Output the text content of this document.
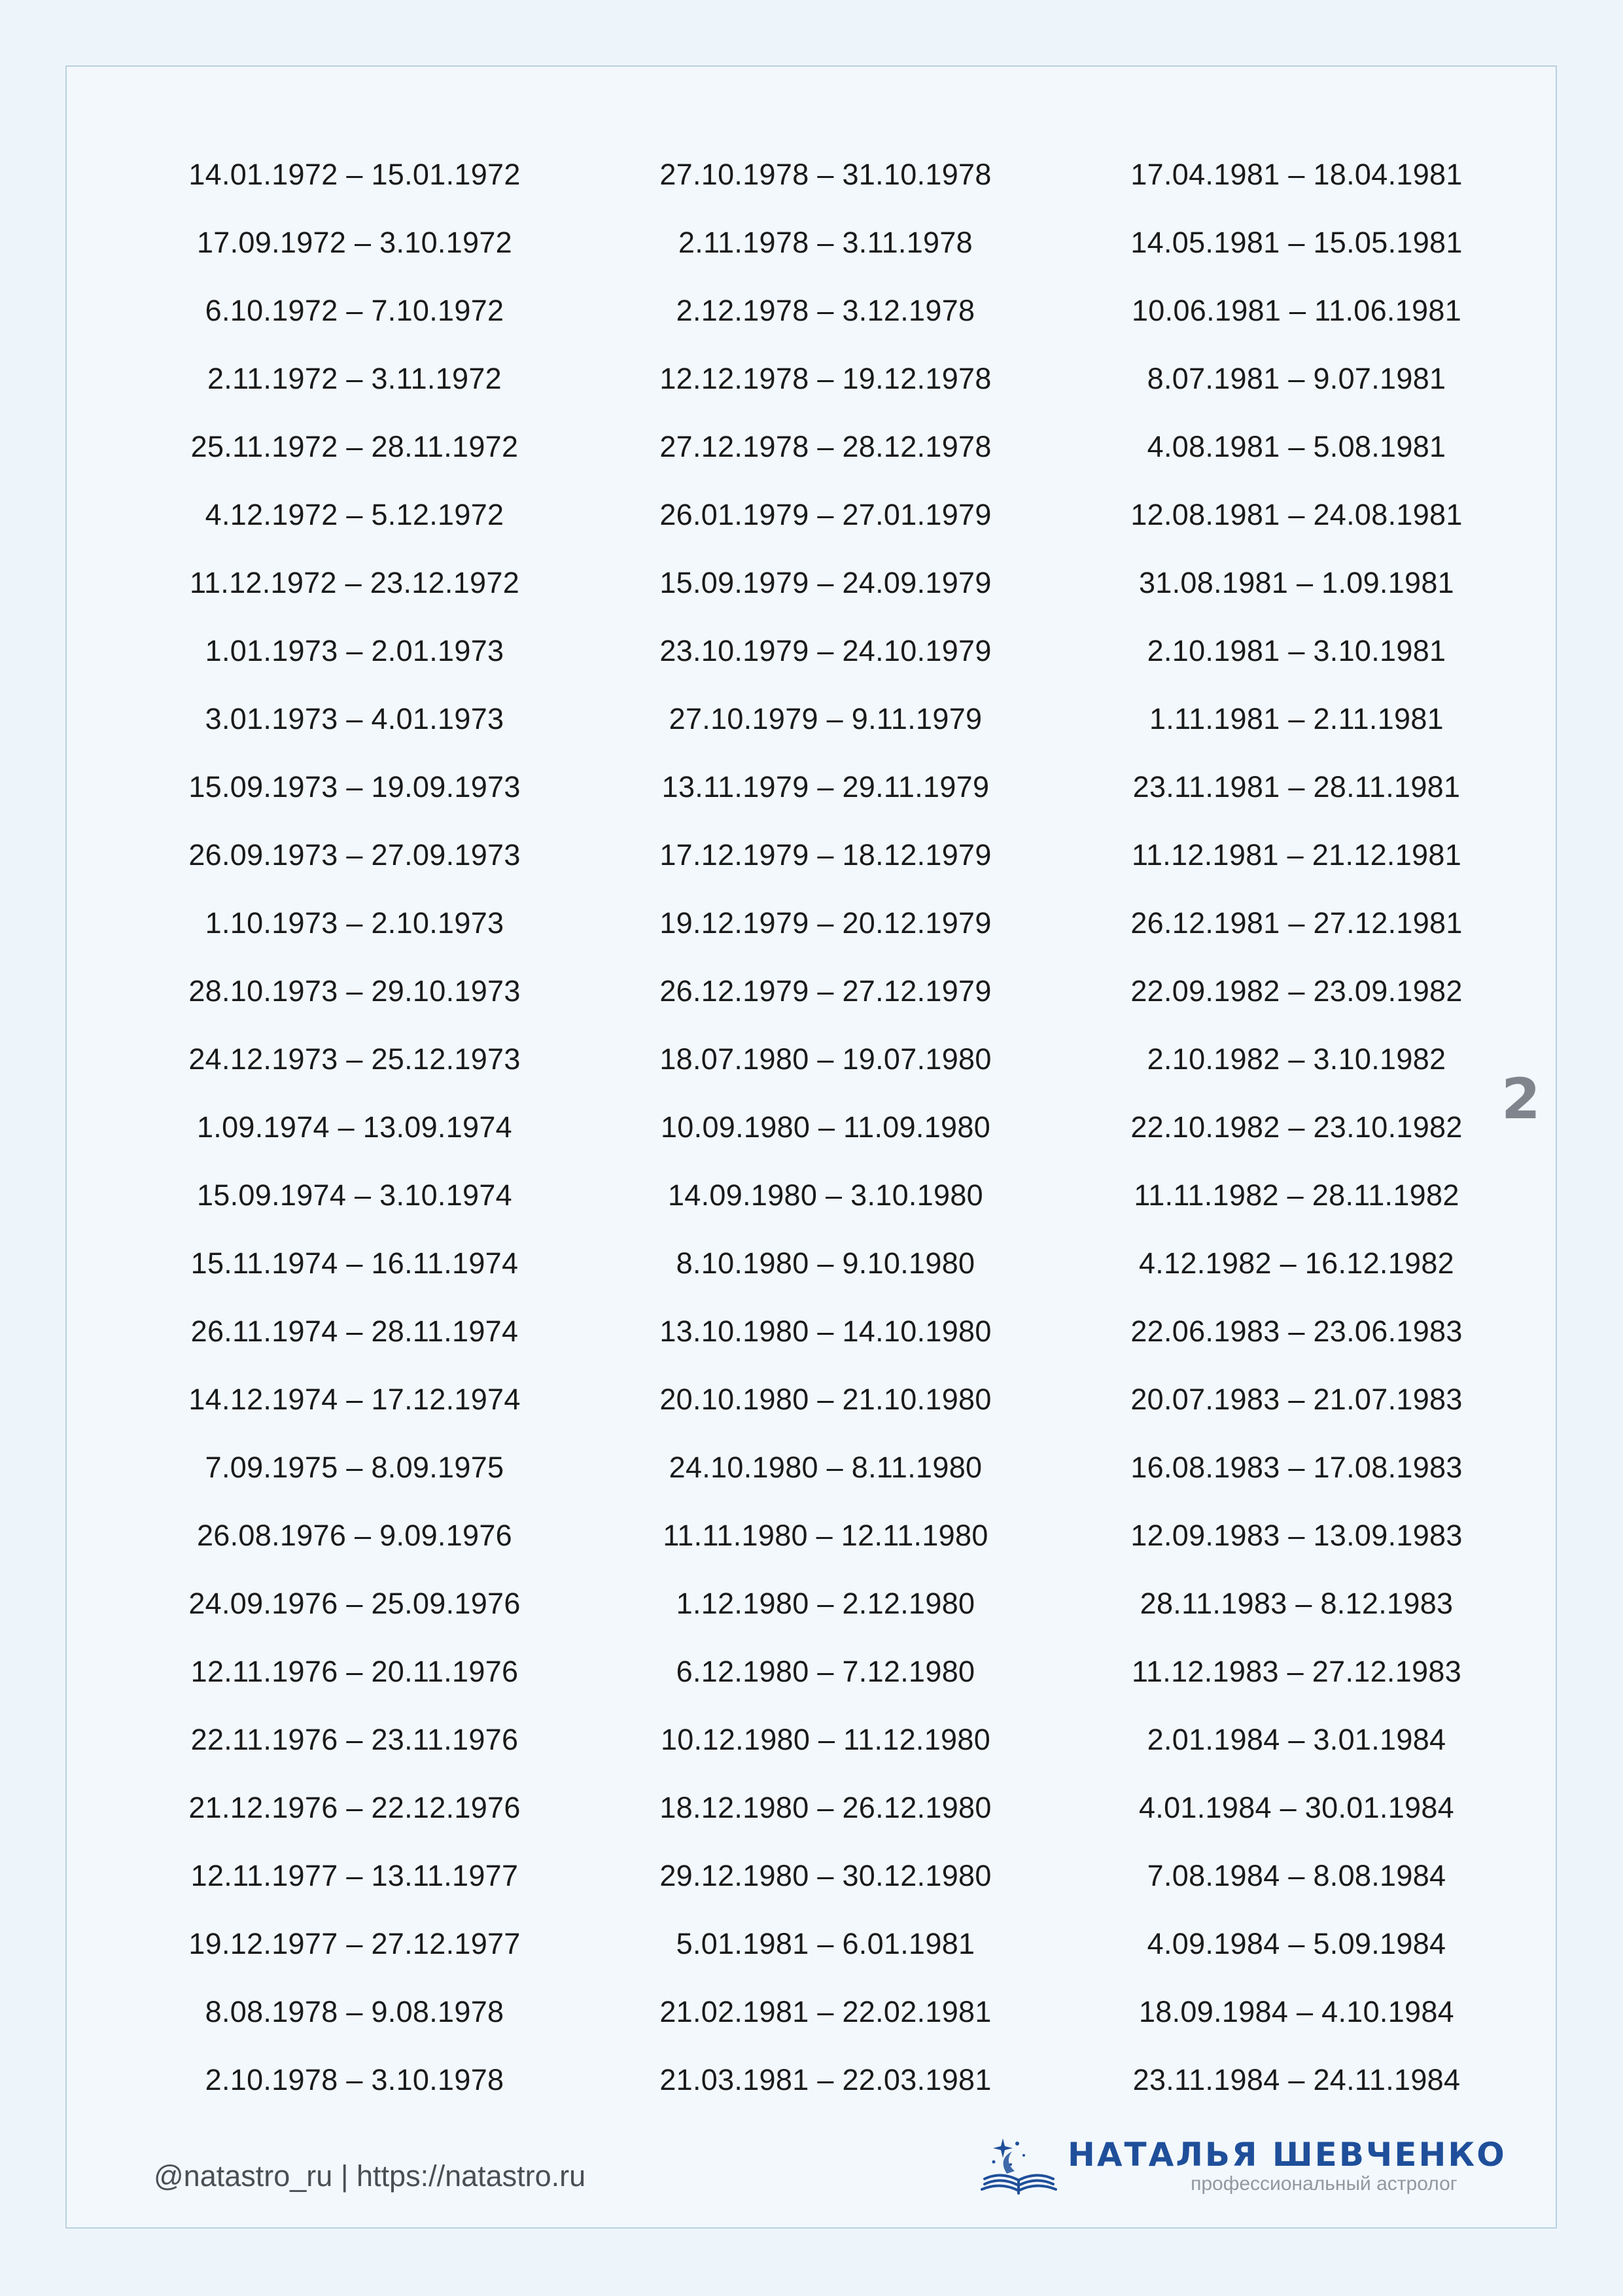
14.01.1972 – 15.01.1972
17.09.1972 – 3.10.1972
6.10.1972 – 7.10.1972
2.11.1972 – 3.11.1972
25.11.1972 – 28.11.1972
4.12.1972 – 5.12.1972
11.12.1972 – 23.12.1972
1.01.1973 – 2.01.1973
3.01.1973 – 4.01.1973
15.09.1973 – 19.09.1973
26.09.1973 – 27.09.1973
1.10.1973 – 2.10.1973
28.10.1973 – 29.10.1973
24.12.1973 – 25.12.1973
1.09.1974 – 13.09.1974
15.09.1974 – 3.10.1974
15.11.1974 – 16.11.1974
26.11.1974 – 28.11.1974
14.12.1974 – 17.12.1974
7.09.1975 – 8.09.1975
26.08.1976 – 9.09.1976
24.09.1976 – 25.09.1976
12.11.1976 – 20.11.1976
22.11.1976 – 23.11.1976
21.12.1976 – 22.12.1976
12.11.1977 – 13.11.1977
19.12.1977 – 27.12.1977
8.08.1978 – 9.08.1978
2.10.1978 – 3.10.1978
27.10.1978 – 31.10.1978
2.11.1978 – 3.11.1978
2.12.1978 – 3.12.1978
12.12.1978 – 19.12.1978
27.12.1978 – 28.12.1978
26.01.1979 – 27.01.1979
15.09.1979 – 24.09.1979
23.10.1979 – 24.10.1979
27.10.1979 – 9.11.1979
13.11.1979 – 29.11.1979
17.12.1979 – 18.12.1979
19.12.1979 – 20.12.1979
26.12.1979 – 27.12.1979
18.07.1980 – 19.07.1980
10.09.1980 – 11.09.1980
14.09.1980 – 3.10.1980
8.10.1980 – 9.10.1980
13.10.1980 – 14.10.1980
20.10.1980 – 21.10.1980
24.10.1980 – 8.11.1980
11.11.1980 – 12.11.1980
1.12.1980 – 2.12.1980
6.12.1980 – 7.12.1980
10.12.1980 – 11.12.1980
18.12.1980 – 26.12.1980
29.12.1980 – 30.12.1980
5.01.1981 – 6.01.1981
21.02.1981 – 22.02.1981
21.03.1981 – 22.03.1981
17.04.1981 – 18.04.1981
14.05.1981 – 15.05.1981
10.06.1981 – 11.06.1981
8.07.1981 – 9.07.1981
4.08.1981 – 5.08.1981
12.08.1981 – 24.08.1981
31.08.1981 – 1.09.1981
2.10.1981 – 3.10.1981
1.11.1981 – 2.11.1981
23.11.1981 – 28.11.1981
11.12.1981 – 21.12.1981
26.12.1981 – 27.12.1981
22.09.1982 – 23.09.1982
2.10.1982 – 3.10.1982
22.10.1982 – 23.10.1982
11.11.1982 – 28.11.1982
4.12.1982 – 16.12.1982
22.06.1983 – 23.06.1983
20.07.1983 – 21.07.1983
16.08.1983 – 17.08.1983
12.09.1983 – 13.09.1983
28.11.1983 – 8.12.1983
11.12.1983 – 27.12.1983
2.01.1984 – 3.01.1984
4.01.1984 – 30.01.1984
7.08.1984 – 8.08.1984
4.09.1984 – 5.09.1984
18.09.1984 – 4.10.1984
23.11.1984 – 24.11.1984
2
@natastro_ru | https://natastro.ru
НАТАЛЬЯ ШЕВЧЕНКО
профессиональный астролог
